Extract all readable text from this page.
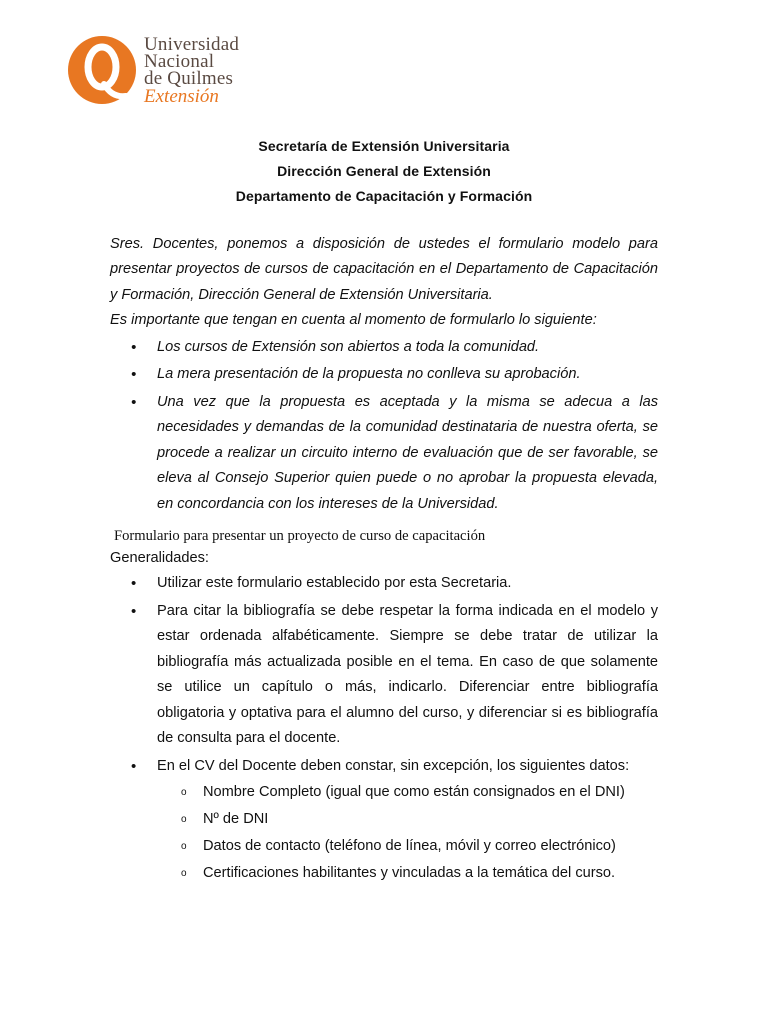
Universidad
Nacional
de Quilmes
Extensión
Secretaría de Extensión Universitaria
Dirección General de Extensión
Departamento de Capacitación y Formación

Sres. Docentes, ponemos a disposición de ustedes el formulario modelo para presentar proyectos de cursos de capacitación en el Departamento de Capacitación y Formación, Dirección General de Extensión Universitaria.

Es importante que tengan en cuenta al momento de formularlo lo siguiente:

• Los cursos de Extensión son abiertos a toda la comunidad.
• La mera presentación de la propuesta no conlleva su aprobación.
• Una vez que la propuesta es aceptada y la misma se adecua a las necesidades y demandas de la comunidad destinataria de nuestra oferta, se procede a realizar un circuito interno de evaluación que de ser favorable, se eleva al Consejo Superior quien puede o no aprobar la propuesta elevada, en concordancia con los intereses de la Universidad.

Formulario para presentar un proyecto de curso de capacitación

Generalidades:

• Utilizar este formulario establecido por esta Secretaria.
• Para citar la bibliografía se debe respetar la forma indicada en el modelo y estar ordenada alfabéticamente. Siempre se debe tratar de utilizar la bibliografía más actualizada posible en el tema. En caso de que solamente se utilice un capítulo o más, indicarlo. Diferenciar entre bibliografía obligatoria y optativa para el alumno del curso, y diferenciar si es bibliografía de consulta para el docente.
• En el CV del Docente deben constar, sin excepción, los siguientes datos:
o Nombre Completo (igual que como están consignados en el DNI)
o Nº de DNI
o Datos de contacto (teléfono de línea, móvil y correo electrónico)
o Certificaciones habilitantes y vinculadas a la temática del curso.
